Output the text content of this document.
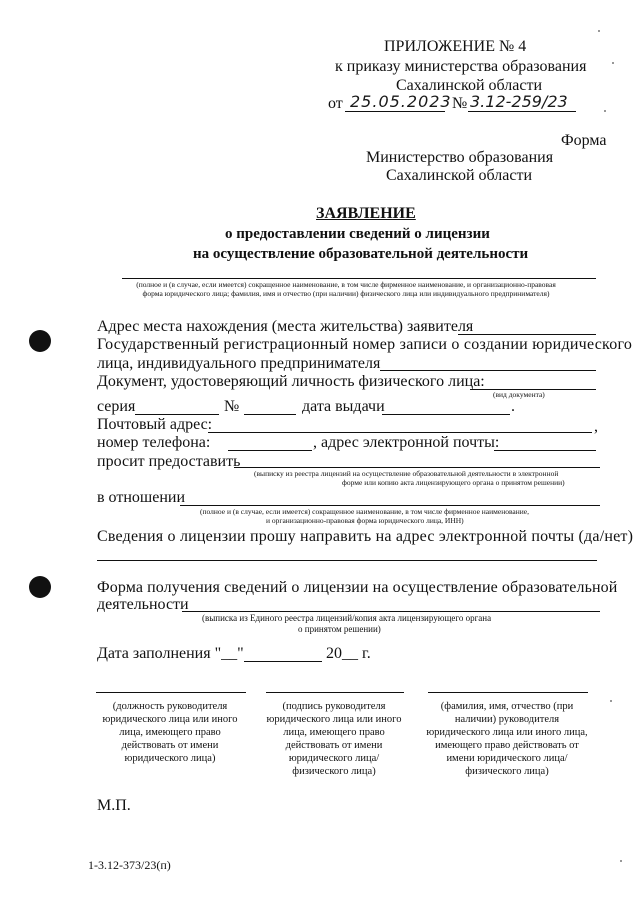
ПРИЛОЖЕНИЕ № 4
к приказу министерства образования
Сахалинской области
от 25.05.2023 № 3.12-259/23
Форма
Министерство образования
Сахалинской области
ЗАЯВЛЕНИЕ
о предоставлении сведений о лицензии
на осуществление образовательной деятельности
(полное и (в случае, если имеется) сокращенное наименование, в том числе фирменное наименование, и организационно-правовая
форма юридического лица; фамилия, имя и отчество (при наличии) физического лица или индивидуального предпринимателя)
Адрес места нахождения (места жительства) заявителя
Государственный регистрационный номер записи о создании юридического
лица, индивидуального предпринимателя
Документ, удостоверяющий личность физического лица:
(вид документа)
серия	№	дата выдачи	.
Почтовый адрес:	,
номер телефона:	, адрес электронной почты:
просит предоставить
(выписку из реестра лицензий на осуществление образовательной деятельности в электронной
форме или копию акта лицензирующего органа о принятом решении)
в отношении
(полное и (в случае, если имеется) сокращенное наименование, в том числе фирменное наименование,
и организационно-правовая форма юридического лица, ИНН)
Сведения о лицензии прошу направить на адрес электронной почты (да/нет)
Форма получения сведений о лицензии на осуществление образовательной
деятельности
(выписка из Единого реестра лицензий/копия акта лицензирующего органа
о принятом решении)
Дата заполнения "__"	20__ г.
(должность руководителя юридического лица или иного лица, имеющего право действовать от имени юридического лица)
(подпись руководителя юридического лица или иного лица, имеющего право действовать от имени юридического лица/физического лица)
(фамилия, имя, отчество (при наличии) руководителя юридического лица или иного лица, имеющего право действовать от имени юридического лица/физического лица)
М.П.
1-3.12-373/23(п)
